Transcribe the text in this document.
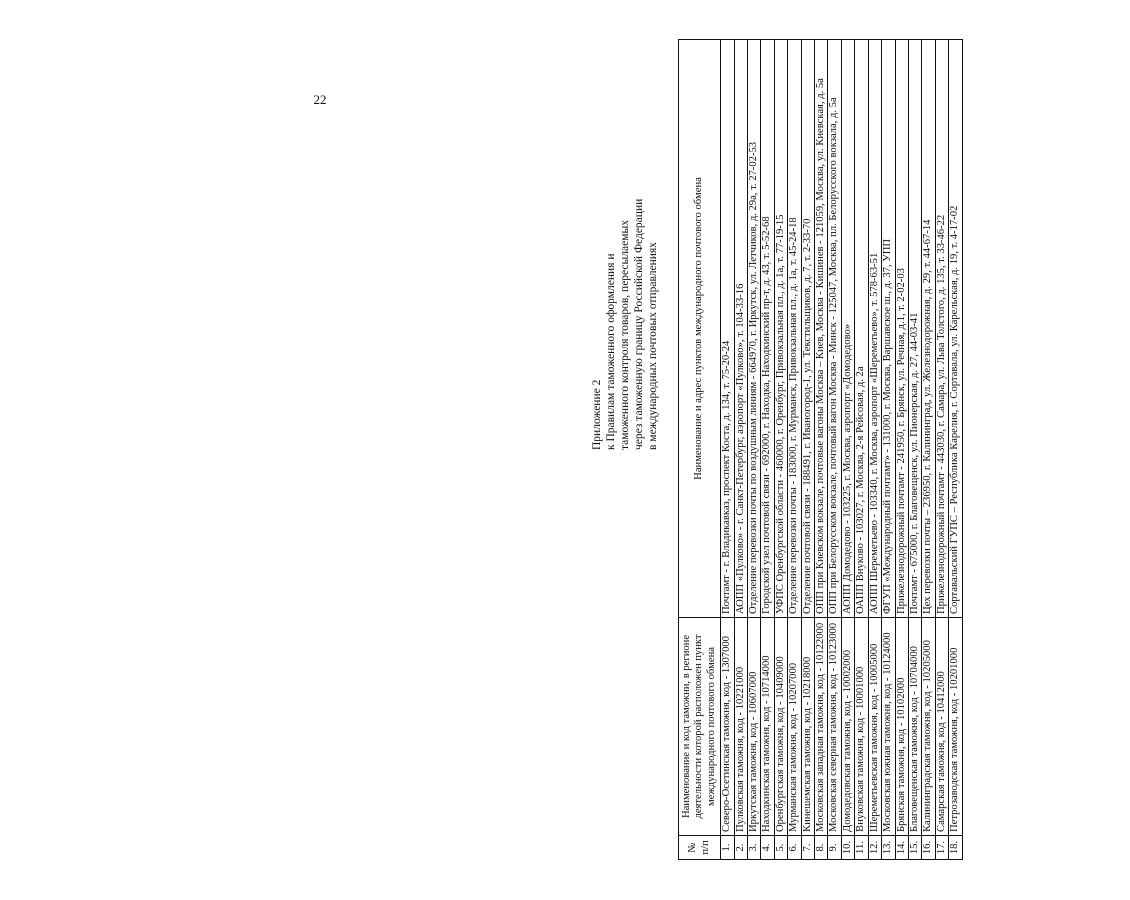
22
Приложение 2 к Правилам таможенного оформления и таможенного контроля товаров, пересылаемых через таможенную границу Российской Федерации в международных почтовых отправлениях
№ п/п	Наименование и код таможни, в регионе деятельности которой расположен пункт международного почтового обмена	Наименование и адрес пунктов международного почтового обмена
1.	Северо-Осетинская таможня, код - 1307000	Почтамт - г. Владикавказ, проспект Коста, д. 134, т. 75-20-24
2.	Пулковская таможня, код - 10221000	АОПП «Пулково» - г. Санкт-Петербург, аэропорт «Пулково», т. 104-33-16
3.	Иркутская таможня, код - 10607000	Отделение перевозки почты по воздушным линиям - 664970, г. Иркутск, ул. Летчиков, д. 29а, т. 27-02-53
4.	Находкинская таможня, код - 10714000	Городской узел почтовой связи - 692000, г. Находка, Находкинский пр-т, д. 43, т. 5-52-68
5.	Оренбургская таможня, код - 10409000	УФПС Оренбургской области - 460000, г. Оренбург, Привокзальная пл., д. 1а, т. 77-19-15
6.	Мурманская таможня, код - 10207000	Отделение перевозки почты - 183000, г. Мурманск, Привокзальная пл., д. 1а, т. 45-24-18
7.	Кинешемская таможня, код - 10218000	Отделение почтовой связи - 188491, г. Иваногород-1, ул. Текстильщиков, д. 7, т. 2-33-70
8.	Московская западная таможня, код - 10122000	ОПП при Киевском вокзале, почтовые вагоны Москва – Киев, Москва - Кишинев - 121059, Москва, ул. Киевская, д. 5а
9.	Московская северная таможня, код - 10123000	ОПП при Белорусском вокзале, почтовый вагон Москва - Минск - 125047, Москва, пл. Белорусского вокзала, д. 5а
10.	Домодедовская таможня, код - 10002000	АОПП Домодедово - 103225, г. Москва, аэропорт «Домодедово»
11.	Внуковская таможня, код - 10001000	ОАПП Внуково - 103027, г. Москва, 2-я Рейсовая, д. 2а
12.	Шереметьевская таможня, код - 10005000	АОПП Шереметьево - 103340, г. Москва, аэропорт «Шереметьево», т. 578-63-51
13.	Московская южная таможня, код - 10124000	ФГУП «Международный почтамт» - 131000, г. Москва, Варшавское ш., д. 37, УПП
14.	Брянская таможня, код - 10102000	Прижелезнодорожный почтамт - 241950, г. Брянск, ул. Речная, д.1, т. 2-02-03
15.	Благовещенская таможня, код - 10704000	Почтамт - 675000, г. Благовещенск, ул. Пионерская, д. 27, 44-03-41
16.	Калининградская таможня, код - 10205000	Цех перевозки почты – 236950, г. Калининград, ул. Железнодорожная, д. 29, т. 44-67-14
17.	Самарская таможня, код - 10412000	Прижелезнодорожный почтамт - 443030, г. Самара, ул. Льва Толстого, д. 135, т. 33-46-22
18.	Петрозаводская таможня, код - 10201000	Сортавальский ГУПС – Республика Карелия, г. Сортавала, ул. Карельская, д. 19, т. 4-17-02
